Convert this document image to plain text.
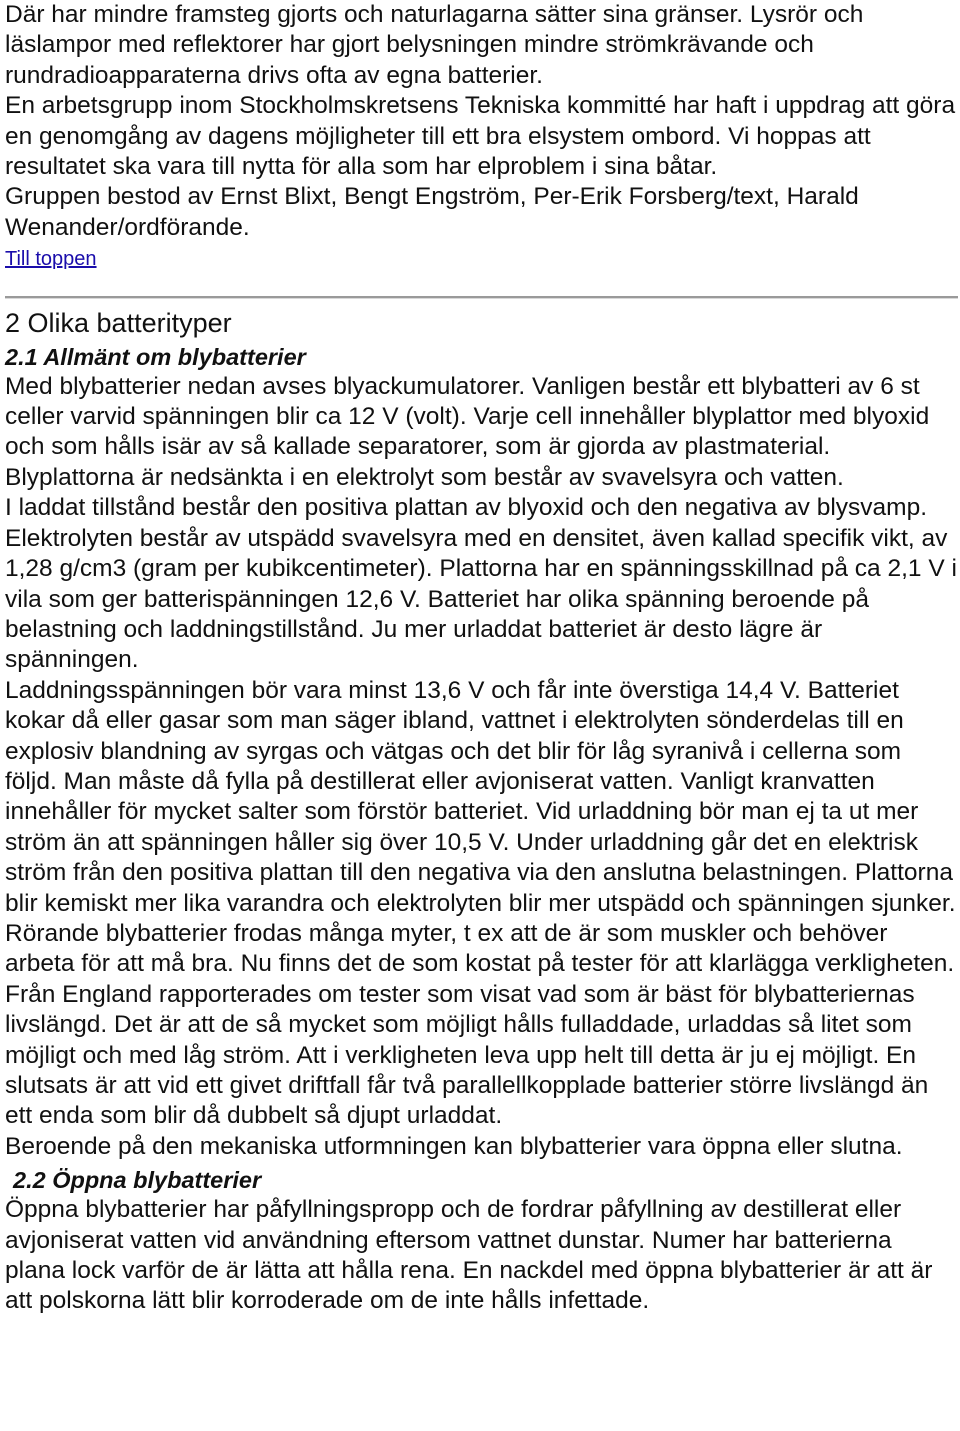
Där har mindre framsteg gjorts och naturlagarna sätter sina gränser. Lysrör och läslampor med reflektorer har gjort belysningen mindre strömkrävande och rundradioapparaterna drivs ofta av egna batterier.

En arbetsgrupp inom Stockholmskretsens Tekniska kommitté har haft i uppdrag att göra en genomgång av dagens möjligheter till ett bra elsystem ombord. Vi hoppas att resultatet ska vara till nytta för alla som har elproblem i sina båtar.

Gruppen bestod av Ernst Blixt, Bengt Engström, Per-Erik Forsberg/text, Harald Wenander/ordförande.

Till toppen
2 Olika batterityper
2.1 Allmänt om blybatterier

Med blybatterier nedan avses blyackumulatorer. Vanligen består ett blybatteri av 6 st celler varvid spänningen blir ca 12 V (volt). Varje cell innehåller blyplattor med blyoxid och som hålls isär av så kallade separatorer, som är gjorda av plastmaterial. Blyplattorna är nedsänkta i en elektrolyt som består av svavelsyra och vatten.

I laddat tillstånd består den positiva plattan av blyoxid och den negativa av blysvamp. Elektrolyten består av utspädd svavelsyra med en densitet, även kallad specifik vikt, av 1,28 g/cm3 (gram per kubikcentimeter). Plattorna har en spänningsskillnad på ca 2,1 V i vila som ger batterispänningen 12,6 V. Batteriet har olika spänning beroende på belastning och laddningstillstånd. Ju mer urladdat batteriet är desto lägre är spänningen.

Laddningsspänningen bör vara minst 13,6 V och får inte överstiga 14,4 V. Batteriet kokar då eller gasar som man säger ibland, vattnet i elektrolyten sönderdelas till en explosiv blandning av syrgas och vätgas och det blir för låg syranivå i cellerna som följd. Man måste då fylla på destillerat eller avjoniserat vatten. Vanligt kranvatten innehåller för mycket salter som förstör batteriet. Vid urladdning bör man ej ta ut mer ström än att spänningen håller sig över 10,5 V. Under urladdning går det en elektrisk ström från den positiva plattan till den negativa via den anslutna belastningen. Plattorna blir kemiskt mer lika varandra och elektrolyten blir mer utspädd och spänningen sjunker.

Rörande blybatterier frodas många myter, t ex att de är som muskler och behöver arbeta för att må bra. Nu finns det de som kostat på tester för att klarlägga verkligheten. Från England rapporterades om tester som visat vad som är bäst för blybatteriernas livslängd. Det är att de så mycket som möjligt hålls fulladdade, urladdas så litet som möjligt och med låg ström. Att i verkligheten leva upp helt till detta är ju ej möjligt. En slutsats är att vid ett givet driftfall får två parallellkopplade batterier större livslängd än ett enda som blir då dubbelt så djupt urladdat.

Beroende på den mekaniska utformningen kan blybatterier vara öppna eller slutna.

2.2 Öppna blybatterier

Öppna blybatterier har påfyllningspropp och de fordrar påfyllning av destillerat eller avjoniserat vatten vid användning eftersom vattnet dunstar. Numer har batterierna plana lock varför de är lätta att hålla rena. En nackdel med öppna blybatterier är att är att polskorna lätt blir korroderade om de inte hålls infettade.
